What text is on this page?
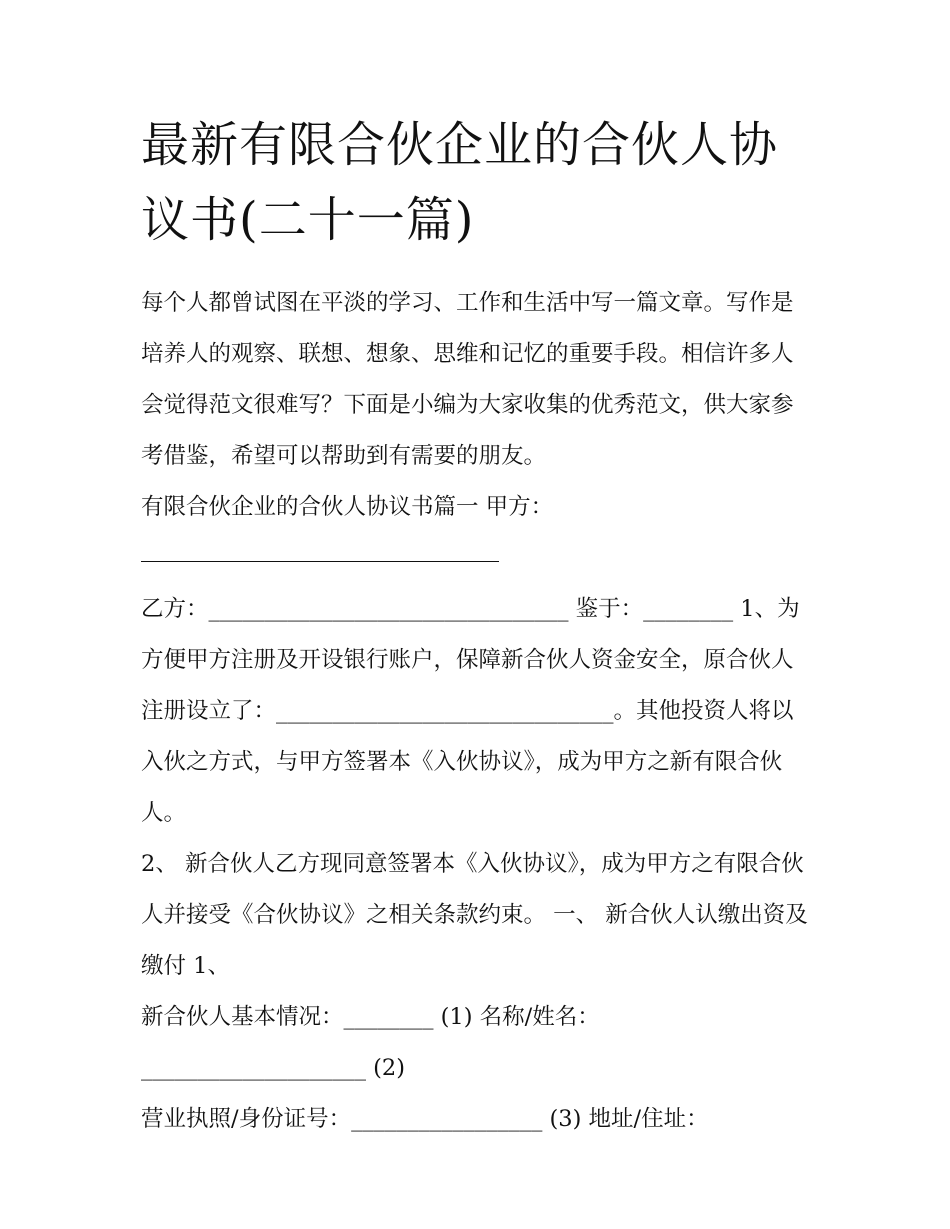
最新有限合伙企业的合伙人协议书(二十一篇)

每个人都曾试图在平淡的学习、工作和生活中写一篇文章。写作是培养人的观察、联想、想象、思维和记忆的重要手段。相信许多人会觉得范文很难写？下面是小编为大家收集的优秀范文，供大家参考借鉴，希望可以帮助到有需要的朋友。

有限合伙企业的合伙人协议书篇一 甲方：

乙方：________________________________ 鉴于：________ 1、为方便甲方注册及开设银行账户，保障新合伙人资金安全，原合伙人注册设立了：______________________________。其他投资人将以入伙之方式，与甲方签署本《入伙协议》，成为甲方之新有限合伙人。

2、 新合伙人乙方现同意签署本《入伙协议》，成为甲方之有限合伙人并接受《合伙协议》之相关条款约束。 一、 新合伙人认缴出资及缴付 1、

新合伙人基本情况：________ (1) 名称/姓名：____________________ (2)

营业执照/身份证号：_________________ (3) 地址/住址：
